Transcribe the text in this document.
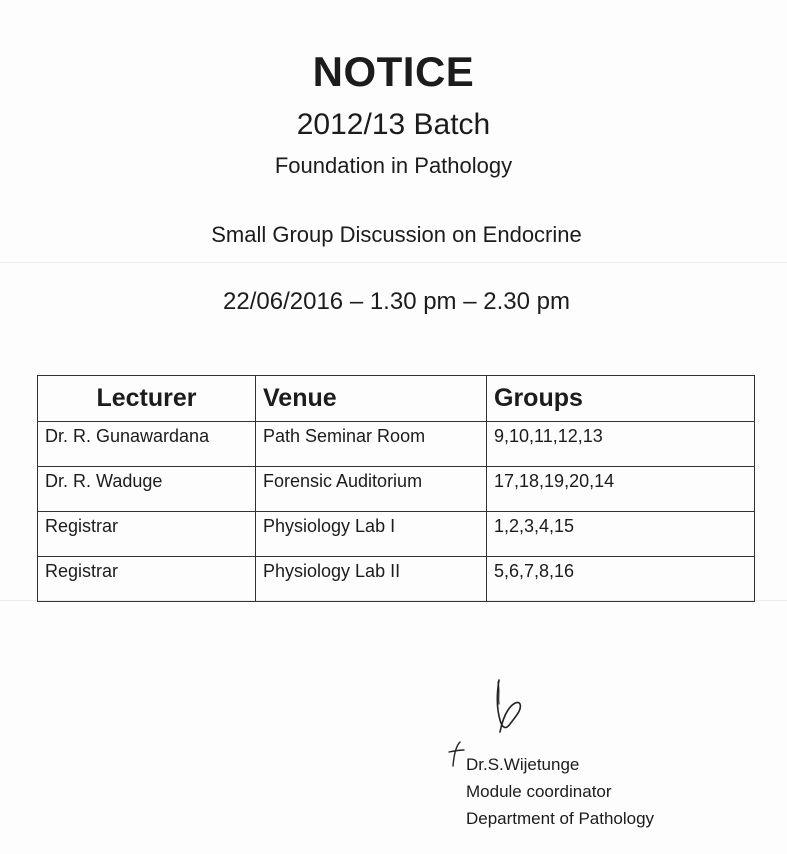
NOTICE
2012/13 Batch
Foundation in Pathology
Small Group Discussion on Endocrine
22/06/2016 – 1.30 pm – 2.30 pm
Lecturer	Venue	Groups
Dr. R. Gunawardana	Path Seminar Room	9,10,11,12,13
Dr. R. Waduge	Forensic Auditorium	17,18,19,20,14
Registrar	Physiology Lab I	1,2,3,4,15
Registrar	Physiology Lab II	5,6,7,8,16
Dr.S.Wijetunge
Module coordinator
Department of Pathology
